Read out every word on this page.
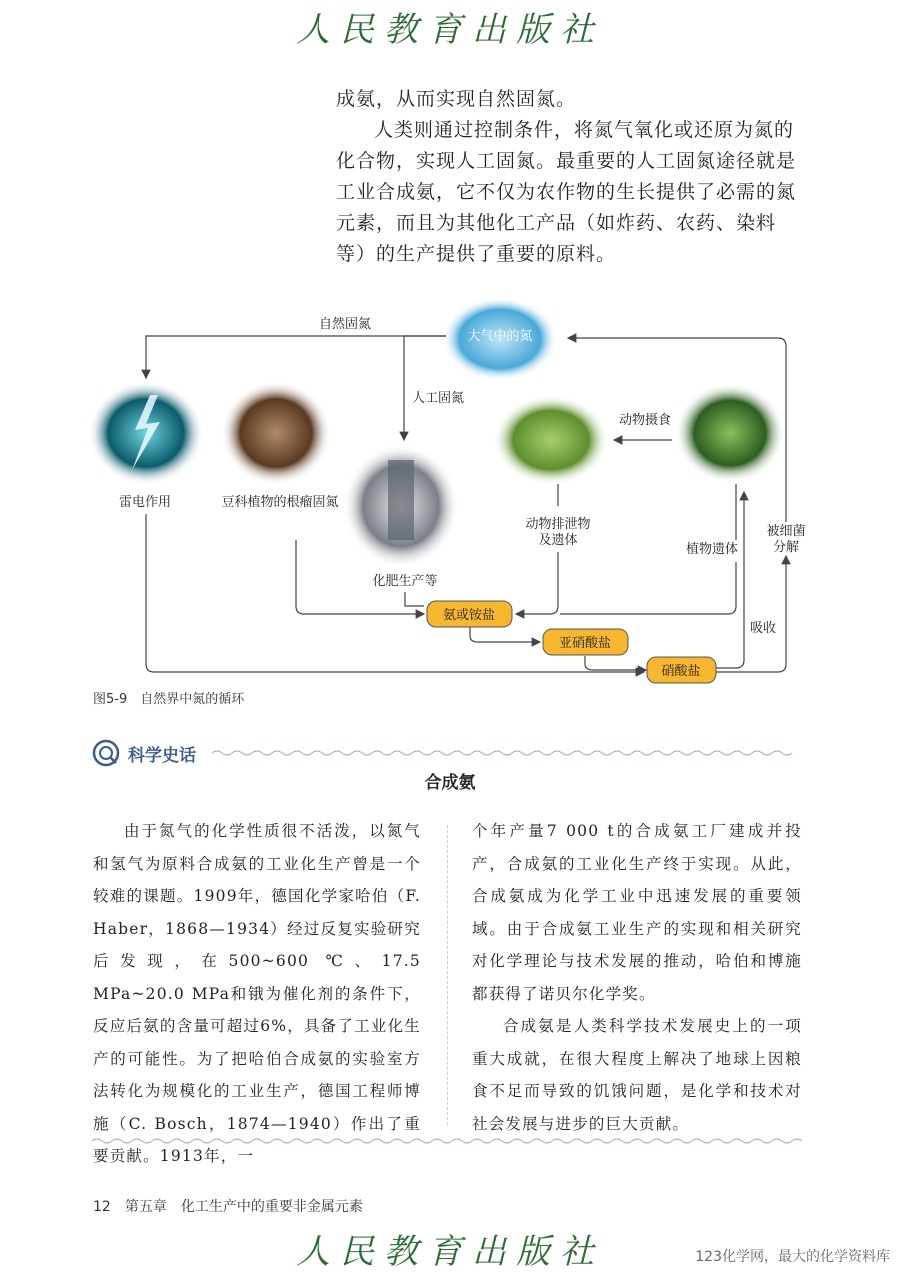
人民教育出版社

成氨，从而实现自然固氮。

人类则通过控制条件，将氮气氧化或还原为氮的化合物，实现人工固氮。最重要的人工固氮途径就是工业合成氨，它不仅为农作物的生长提供了必需的氮元素，而且为其他化工产品（如炸药、农药、染料等）的生产提供了重要的原料。

大气中的氮
自然固氮
人工固氮
雷电作用	豆科植物的根瘤固氮
化肥生产等
动物排泄物
及遗体
动物摄食
植物遗体
被细菌
分解
吸收
氨或铵盐
亚硝酸盐
硝酸盐
图5-9　自然界中氮的循环
科学史话
合成氨

由于氮气的化学性质很不活泼，以氮气和氢气为原料合成氨的工业化生产曾是一个较难的课题。1909年，德国化学家哈伯（F. Haber，1868—1934）经过反复实验研究后发现，在500~600 ℃、17.5 MPa~20.0 MPa和锇为催化剂的条件下，反应后氨的含量可超过6%，具备了工业化生产的可能性。为了把哈伯合成氨的实验室方法转化为规模化的工业生产，德国工程师博施（C. Bosch，1874—1940）作出了重要贡献。1913年，一

个年产量7 000 t的合成氨工厂建成并投产，合成氨的工业化生产终于实现。从此，合成氨成为化学工业中迅速发展的重要领域。由于合成氨工业生产的实现和相关研究对化学理论与技术发展的推动，哈伯和博施都获得了诺贝尔化学奖。

合成氨是人类科学技术发展史上的一项重大成就，在很大程度上解决了地球上因粮食不足而导致的饥饿问题，是化学和技术对社会发展与进步的巨大贡献。

12 第五章　化工生产中的重要非金属元素
人民教育出版社	123化学网，最大的化学资料库
